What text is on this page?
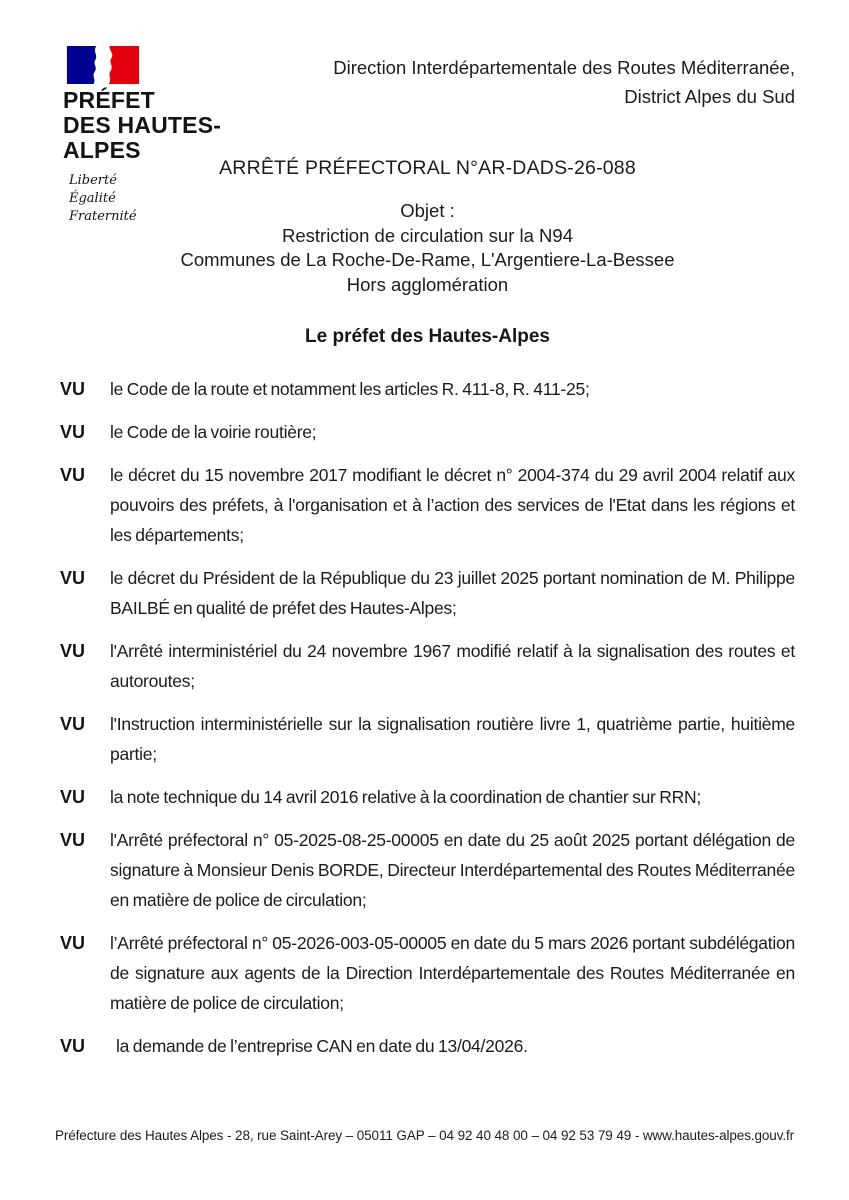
PRÉFET
DES HAUTES-
ALPES
Liberté
Égalité
Fraternité
Direction Interdépartementale des Routes Méditerranée,
District Alpes du Sud
ARRÊTÉ PRÉFECTORAL N°AR-DADS-26-088
Objet :
Restriction de circulation sur la N94
Communes de La Roche-De-Rame, L'Argentiere-La-Bessee
Hors agglomération
Le préfet des Hautes-Alpes
VU	le Code de la route et notamment les articles R. 411-8, R. 411-25;
VU	le Code de la voirie routière;
VU	le décret du 15 novembre 2017 modifiant le décret n° 2004-374 du 29 avril 2004 relatif aux pouvoirs des préfets, à l'organisation et à l’action des services de l'Etat dans les régions et les départements;
VU	le décret du Président de la République du 23 juillet 2025 portant nomination de M. Philippe BAILBÉ en qualité de préfet des Hautes-Alpes;
VU	l'Arrêté interministériel du 24 novembre 1967 modifié relatif à la signalisation des routes et autoroutes;
VU	l'Instruction interministérielle sur la signalisation routière livre 1, quatrième partie, huitième partie;
VU	la note technique du 14 avril 2016 relative à la coordination de chantier sur RRN;
VU	l'Arrêté préfectoral n° 05-2025-08-25-00005 en date du 25 août 2025 portant délégation de signature à Monsieur Denis BORDE, Directeur Interdépartemental des Routes Méditerranée en matière de police de circulation;
VU	l’Arrêté préfectoral n° 05-2026-003-05-00005 en date du 5 mars 2026 portant subdélégation de signature aux agents de la Direction Interdépartementale des Routes Méditerranée en matière de police de circulation;
VU	la demande de l’entreprise CAN en date du 13/04/2026.
Préfecture des Hautes Alpes - 28, rue Saint-Arey – 05011 GAP – 04 92 40 48 00 – 04 92 53 79 49 - www.hautes-alpes.gouv.fr
